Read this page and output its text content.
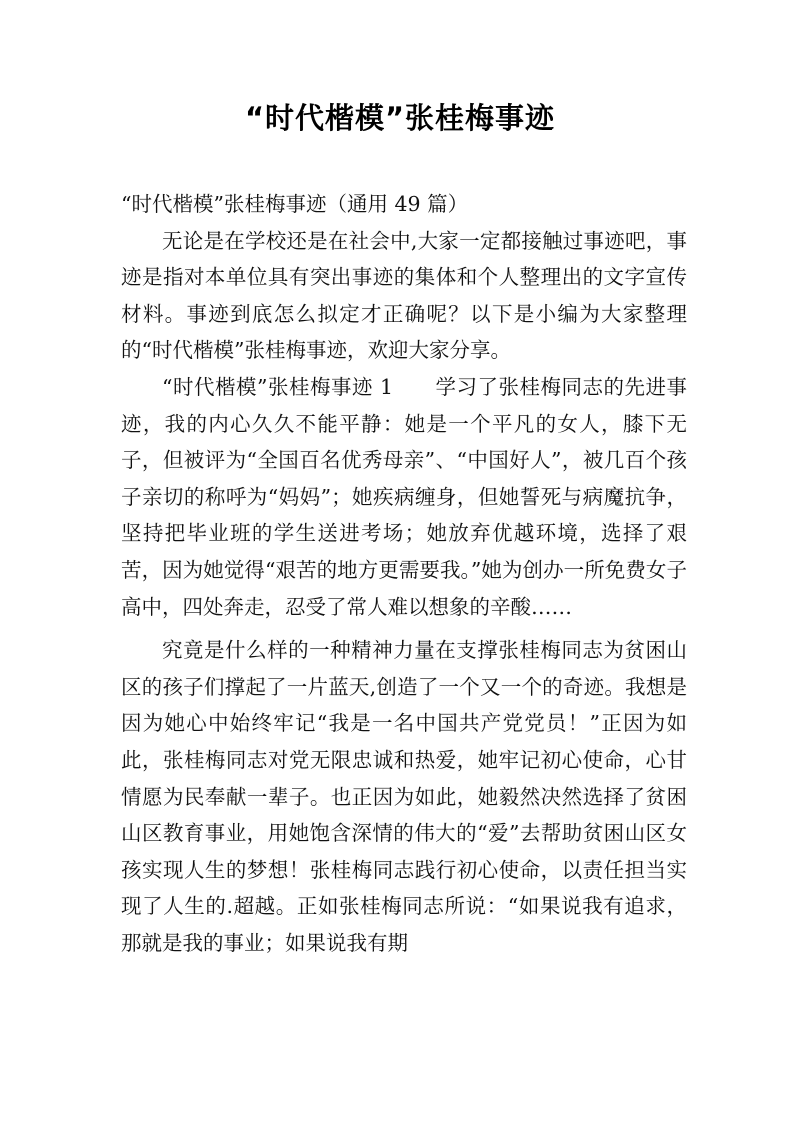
“时代楷模”张桂梅事迹

“时代楷模”张桂梅事迹（通用 49 篇）

无论是在学校还是在社会中,大家一定都接触过事迹吧，事迹是指对本单位具有突出事迹的集体和个人整理出的文字宣传材料。事迹到底怎么拟定才正确呢？以下是小编为大家整理的“时代楷模”张桂梅事迹，欢迎大家分享。

“时代楷模”张桂梅事迹 1　　学习了张桂梅同志的先进事迹，我的内心久久不能平静：她是一个平凡的女人，膝下无子，但被评为“全国百名优秀母亲”、“中国好人”，被几百个孩子亲切的称呼为“妈妈”；她疾病缠身，但她誓死与病魔抗争，坚持把毕业班的学生送进考场；她放弃优越环境，选择了艰苦，因为她觉得“艰苦的地方更需要我。”她为创办一所免费女子高中，四处奔走，忍受了常人难以想象的辛酸……

究竟是什么样的一种精神力量在支撑张桂梅同志为贫困山区的孩子们撑起了一片蓝天,创造了一个又一个的奇迹。我想是因为她心中始终牢记“我是一名中国共产党党员！”正因为如此，张桂梅同志对党无限忠诚和热爱，她牢记初心使命，心甘情愿为民奉献一辈子。也正因为如此，她毅然决然选择了贫困山区教育事业，用她饱含深情的伟大的“爱”去帮助贫困山区女孩实现人生的梦想！张桂梅同志践行初心使命，以责任担当实现了人生的.超越。正如张桂梅同志所说：“如果说我有追求，那就是我的事业；如果说我有期
